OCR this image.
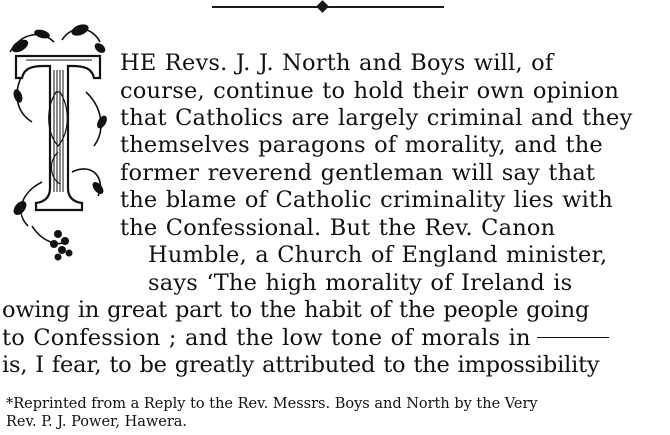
HE Revs. J. J. North and Boys will, of
course, continue to hold their own opinion
that Catholics are largely criminal and they
themselves paragons of morality, and the
former reverend gentleman will say that
the blame of Catholic criminality lies with
the Confessional. But the Rev. Canon
Humble, a Church of England minister,
says ‘The high morality of Ireland is
owing in great part to the habit of the people going
to Confession ; and the low tone of morals in
is, I fear, to be greatly attributed to the impossibility
*Reprinted from a Reply to the Rev. Messrs. Boys and North by the Very
Rev. P. J. Power, Hawera.
